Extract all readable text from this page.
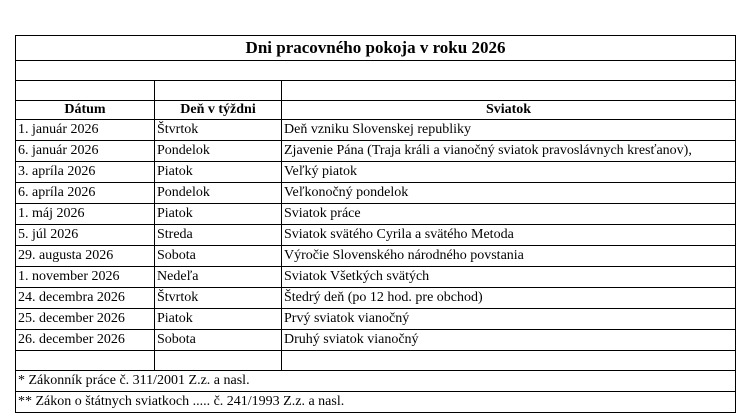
Dni pracovného pokoja v roku 2026		

Dátum	Deň v týždni	Sviatok
1. január 2026	Štvrtok	Deň vzniku Slovenskej republiky
6. január 2026	Pondelok	Zjavenie Pána (Traja králi a vianočný sviatok pravoslávnych kresťanov),
3. apríla 2026	Piatok	Veľký piatok
6. apríla 2026	Pondelok	Veľkonočný pondelok
1. máj 2026	Piatok	Sviatok práce
5. júl 2026	Streda	Sviatok svätého Cyrila a svätého Metoda
29. augusta 2026	Sobota	Výročie Slovenského národného povstania
1. november 2026	Nedeľa	Sviatok Všetkých svätých
24. decembra 2026	Štvrtok	Štedrý deň (po 12 hod. pre obchod)
25. december 2026	Piatok	Prvý sviatok vianočný
26. december 2026	Sobota	Druhý sviatok vianočný

* Zákonník práce č. 311/2001 Z.z. a nasl.		
** Zákon o štátnych sviatkoch ..... č. 241/1993 Z.z. a nasl.		
